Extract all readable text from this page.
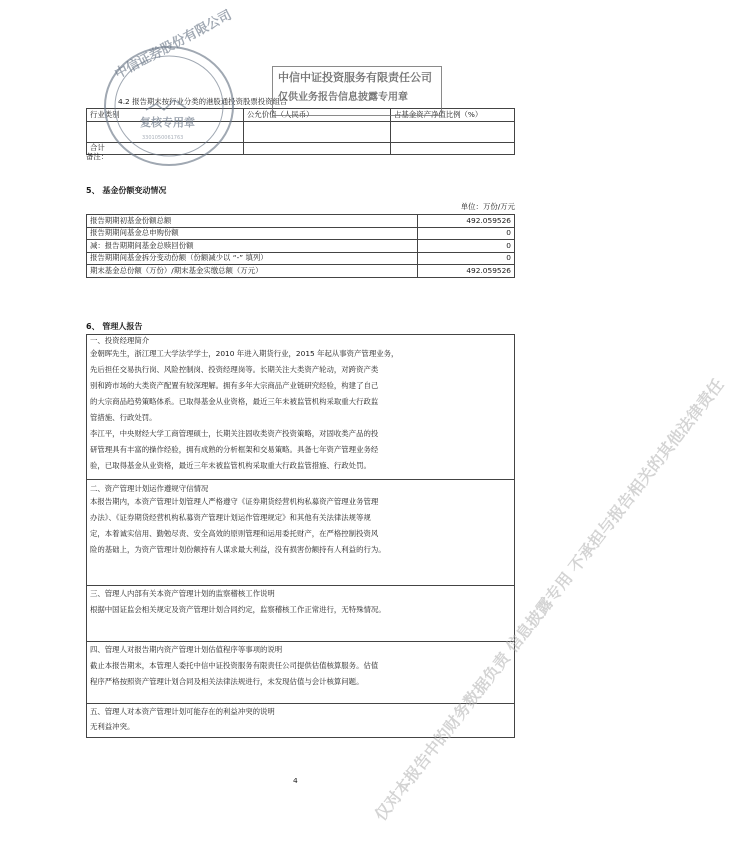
4.2 报告期末按行业分类的港股通投资股票投资组合
行业类别	公允价值（人民币）	占基金资产净值比例（%）

合计		
备注：
5、 基金份额变动情况
单位：万份/万元
报告期期初基金份额总额	492.059526
报告期期间基金总申购份额	0
减：报告期期间基金总赎回份额	0
报告期期间基金拆分变动份额（份额减少以 “-” 填列）	0
期末基金总份额（万份）/期末基金实缴总额（万元）	492.059526
6、 管理人报告
一、投资经理简介
金朝晖先生，浙江理工大学法学学士，2010 年进入期货行业，2015 年起从事资产管理业务，
先后担任交易执行岗、风险控制岗、投资经理岗等。长期关注大类资产轮动，对跨资产类
别和跨市场的大类资产配置有较深理解。拥有多年大宗商品产业链研究经验，构建了自己
的大宗商品趋势策略体系。已取得基金从业资格，最近三年未被监管机构采取重大行政监
管措施、行政处罚。
李江平，中央财经大学工商管理硕士，长期关注固收类资产投资策略，对固收类产品的投
研管理具有丰富的操作经验，拥有成熟的分析框架和交易策略。具备七年资产管理业务经
验，已取得基金从业资格，最近三年未被监管机构采取重大行政监管措施、行政处罚。
二、资产管理计划运作遵规守信情况
本报告期内，本资产管理计划管理人严格遵守《证券期货经营机构私募资产管理业务管理
办法》、《证券期货经营机构私募资产管理计划运作管理规定》和其他有关法律法规等规
定，本着诚实信用、勤勉尽责、安全高效的原则管理和运用委托财产，在严格控制投资风
险的基础上，为资产管理计划份额持有人谋求最大利益，没有损害份额持有人利益的行为。
三、管理人内部有关本资产管理计划的监察稽核工作说明
根据中国证监会相关规定及资产管理计划合同约定，监察稽核工作正常进行，无特殊情况。
四、管理人对报告期内资产管理计划估值程序等事项的说明
截止本报告期末，本管理人委托中信中证投资服务有限责任公司提供估值核算服务。估值
程序严格按照资产管理计划合同及相关法律法规进行，未发现估值与会计核算问题。
五、管理人对本资产管理计划可能存在的利益冲突的说明
无利益冲突。
4
中信证券股份有限公司
复核专用章
3301050061763
中信中证投资服务有限责任公司
仅供业务报告信息披露专用章
仅对本报告中的财务数据负责 信息披露专用 不承担与报告相关的其他法律责任
